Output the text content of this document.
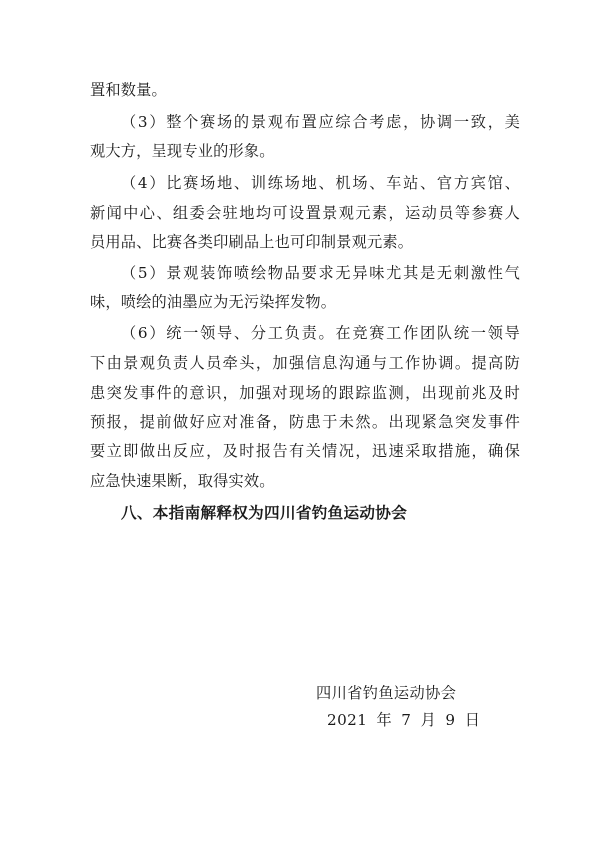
置和数量。
（3）整个赛场的景观布置应综合考虑，协调一致，美
观大方，呈现专业的形象。
（4）比赛场地、训练场地、机场、车站、官方宾馆、
新闻中心、组委会驻地均可设置景观元素，运动员等参赛人
员用品、比赛各类印刷品上也可印制景观元素。
（5）景观装饰喷绘物品要求无异味尤其是无刺激性气
味，喷绘的油墨应为无污染挥发物。
（6）统一领导、分工负责。在竞赛工作团队统一领导
下由景观负责人员牵头，加强信息沟通与工作协调。提高防
患突发事件的意识，加强对现场的跟踪监测，出现前兆及时
预报，提前做好应对准备，防患于未然。出现紧急突发事件
要立即做出反应，及时报告有关情况，迅速采取措施，确保
应急快速果断，取得实效。
八、本指南解释权为四川省钓鱼运动协会
四川省钓鱼运动协会
2021 年 7 月 9 日
